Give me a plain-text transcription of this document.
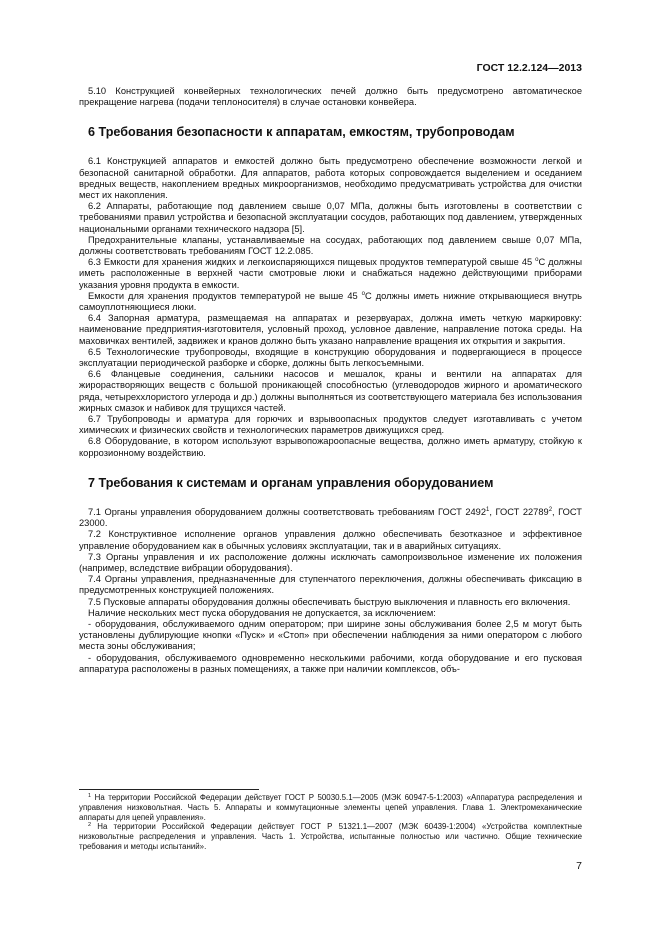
ГОСТ 12.2.124—2013

5.10 Конструкцией конвейерных технологических печей должно быть предусмотрено автоматическое прекращение нагрева (подачи теплоносителя) в случае остановки конвейера.

6 Требования безопасности к аппаратам, емкостям, трубопроводам

6.1 Конструкцией аппаратов и емкостей должно быть предусмотрено обеспечение возможности легкой и безопасной санитарной обработки. Для аппаратов, работа которых сопровождается выделением и оседанием вредных веществ, накоплением вредных микроорганизмов, необходимо предусматривать устройства для очистки мест их накопления.

6.2 Аппараты, работающие под давлением свыше 0,07 МПа, должны быть изготовлены в соответствии с требованиями правил устройства и безопасной эксплуатации сосудов, работающих под давлением, утвержденных национальными органами технического надзора [5].

Предохранительные клапаны, устанавливаемые на сосудах, работающих под давлением свыше 0,07 МПа, должны соответствовать требованиям ГОСТ 12.2.085.

6.3 Емкости для хранения жидких и легкоиспаряющихся пищевых продуктов температурой свыше 45 $^о$С должны иметь расположенные в верхней части смотровые люки и снабжаться надежно действующими приборами указания уровня продукта в емкости.

Емкости для хранения продуктов температурой не выше 45 $^о$С должны иметь нижние открывающиеся внутрь самоуплотняющиеся люки.

6.4 Запорная арматура, размещаемая на аппаратах и резервуарах, должна иметь четкую маркировку: наименование предприятия-изготовителя, условный проход, условное давление, направление потока среды. На маховичках вентилей, задвижек и кранов должно быть указано направление вращения их открытия и закрытия.

6.5 Технологические трубопроводы, входящие в конструкцию оборудования и подвергающиеся в процессе эксплуатации периодической разборке и сборке, должны быть легкосъемными.

6.6 Фланцевые соединения, сальники насосов и мешалок, краны и вентили на аппаратах для жирорастворяющих веществ с большой проникающей способностью (углеводородов жирного и ароматического ряда, четыреххлористого углерода и др.) должны выполняться из соответствующего материала без использования жирных смазок и набивок для трущихся частей.

6.7 Трубопроводы и арматура для горючих и взрывоопасных продуктов следует изготавливать с учетом химических и физических свойств и технологических параметров движущихся сред.

6.8 Оборудование, в котором используют взрывопожароопасные вещества, должно иметь арматуру, стойкую к коррозионному воздействию.

7 Требования к системам и органам управления оборудованием

7.1 Органы управления оборудованием должны соответствовать требованиям ГОСТ 2492$^1$, ГОСТ 22789$^2$, ГОСТ 23000.

7.2 Конструктивное исполнение органов управления должно обеспечивать безотказное и эффективное управление оборудованием как в обычных условиях эксплуатации, так и в аварийных ситуациях.

7.3 Органы управления и их расположение должны исключать самопроизвольное изменение их положения (например, вследствие вибрации оборудования).

7.4 Органы управления, предназначенные для ступенчатого переключения, должны обеспечивать фиксацию в предусмотренных конструкцией положениях.

7.5 Пусковые аппараты оборудования должны обеспечивать быструю выключения и плавность его включения.

Наличие нескольких мест пуска оборудования не допускается, за исключением:

- оборудования, обслуживаемого одним оператором; при ширине зоны обслуживания более 2,5 м могут быть установлены дублирующие кнопки «Пуск» и «Стоп» при обеспечении наблюдения за ними оператором с любого места зоны обслуживания;

- оборудования, обслуживаемого одновременно несколькими рабочими, когда оборудование и его пусковая аппаратура расположены в разных помещениях, а также при наличии комплексов, объ-

$^1$ На территории Российской Федерации действует ГОСТ Р 50030.5.1—2005 (МЭК 60947-5-1:2003) «Аппаратура распределения и управления низковольтная. Часть 5. Аппараты и коммутационные элементы цепей управления. Глава 1. Электромеханические аппараты для цепей управления».

$^2$ На территории Российской Федерации действует ГОСТ Р 51321.1—2007 (МЭК 60439-1:2004) «Устройства комплектные низковольтные распределения и управления. Часть 1. Устройства, испытанные полностью или частично. Общие технические требования и методы испытаний».

7
